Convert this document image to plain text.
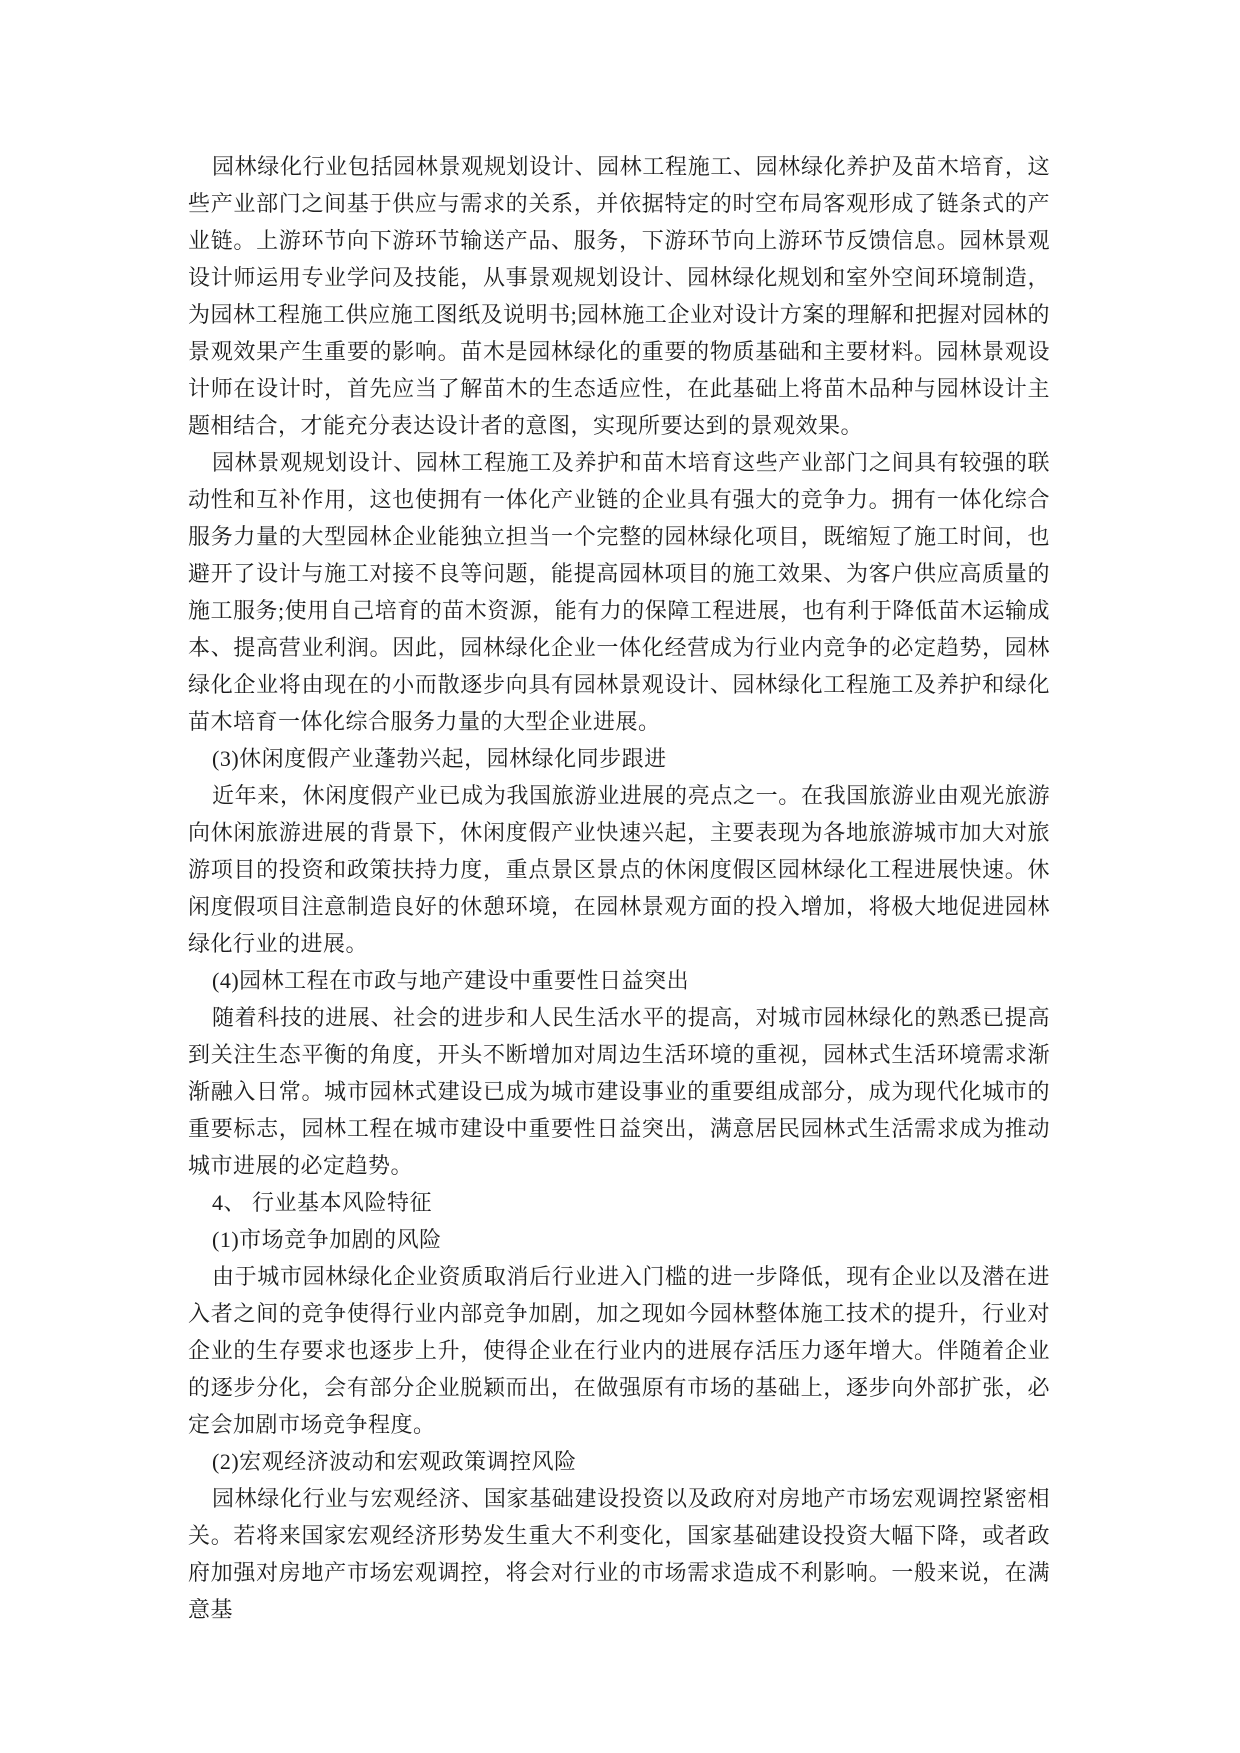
园林绿化行业包括园林景观规划设计、园林工程施工、园林绿化养护及苗木培育，这些产业部门之间基于供应与需求的关系，并依据特定的时空布局客观形成了链条式的产业链。上游环节向下游环节输送产品、服务，下游环节向上游环节反馈信息。园林景观设计师运用专业学问及技能，从事景观规划设计、园林绿化规划和室外空间环境制造，为园林工程施工供应施工图纸及说明书;园林施工企业对设计方案的理解和把握对园林的景观效果产生重要的影响。苗木是园林绿化的重要的物质基础和主要材料。园林景观设计师在设计时，首先应当了解苗木的生态适应性，在此基础上将苗木品种与园林设计主题相结合，才能充分表达设计者的意图，实现所要达到的景观效果。

园林景观规划设计、园林工程施工及养护和苗木培育这些产业部门之间具有较强的联动性和互补作用，这也使拥有一体化产业链的企业具有强大的竞争力。拥有一体化综合服务力量的大型园林企业能独立担当一个完整的园林绿化项目，既缩短了施工时间，也避开了设计与施工对接不良等问题，能提高园林项目的施工效果、为客户供应高质量的施工服务;使用自己培育的苗木资源，能有力的保障工程进展，也有利于降低苗木运输成本、提高营业利润。因此，园林绿化企业一体化经营成为行业内竞争的必定趋势，园林绿化企业将由现在的小而散逐步向具有园林景观设计、园林绿化工程施工及养护和绿化苗木培育一体化综合服务力量的大型企业进展。

(3)休闲度假产业蓬勃兴起，园林绿化同步跟进

近年来，休闲度假产业已成为我国旅游业进展的亮点之一。在我国旅游业由观光旅游向休闲旅游进展的背景下，休闲度假产业快速兴起，主要表现为各地旅游城市加大对旅游项目的投资和政策扶持力度，重点景区景点的休闲度假区园林绿化工程进展快速。休闲度假项目注意制造良好的休憩环境，在园林景观方面的投入增加，将极大地促进园林绿化行业的进展。

(4)园林工程在市政与地产建设中重要性日益突出

随着科技的进展、社会的进步和人民生活水平的提高，对城市园林绿化的熟悉已提高到关注生态平衡的角度，开头不断增加对周边生活环境的重视，园林式生活环境需求渐渐融入日常。城市园林式建设已成为城市建设事业的重要组成部分，成为现代化城市的重要标志，园林工程在城市建设中重要性日益突出，满意居民园林式生活需求成为推动城市进展的必定趋势。

4、 行业基本风险特征

(1)市场竞争加剧的风险

由于城市园林绿化企业资质取消后行业进入门槛的进一步降低，现有企业以及潜在进入者之间的竞争使得行业内部竞争加剧，加之现如今园林整体施工技术的提升，行业对企业的生存要求也逐步上升，使得企业在行业内的进展存活压力逐年增大。伴随着企业的逐步分化，会有部分企业脱颖而出，在做强原有市场的基础上，逐步向外部扩张，必定会加剧市场竞争程度。

(2)宏观经济波动和宏观政策调控风险

园林绿化行业与宏观经济、国家基础建设投资以及政府对房地产市场宏观调控紧密相关。若将来国家宏观经济形势发生重大不利变化，国家基础建设投资大幅下降，或者政府加强对房地产市场宏观调控，将会对行业的市场需求造成不利影响。一般来说，在满意基
